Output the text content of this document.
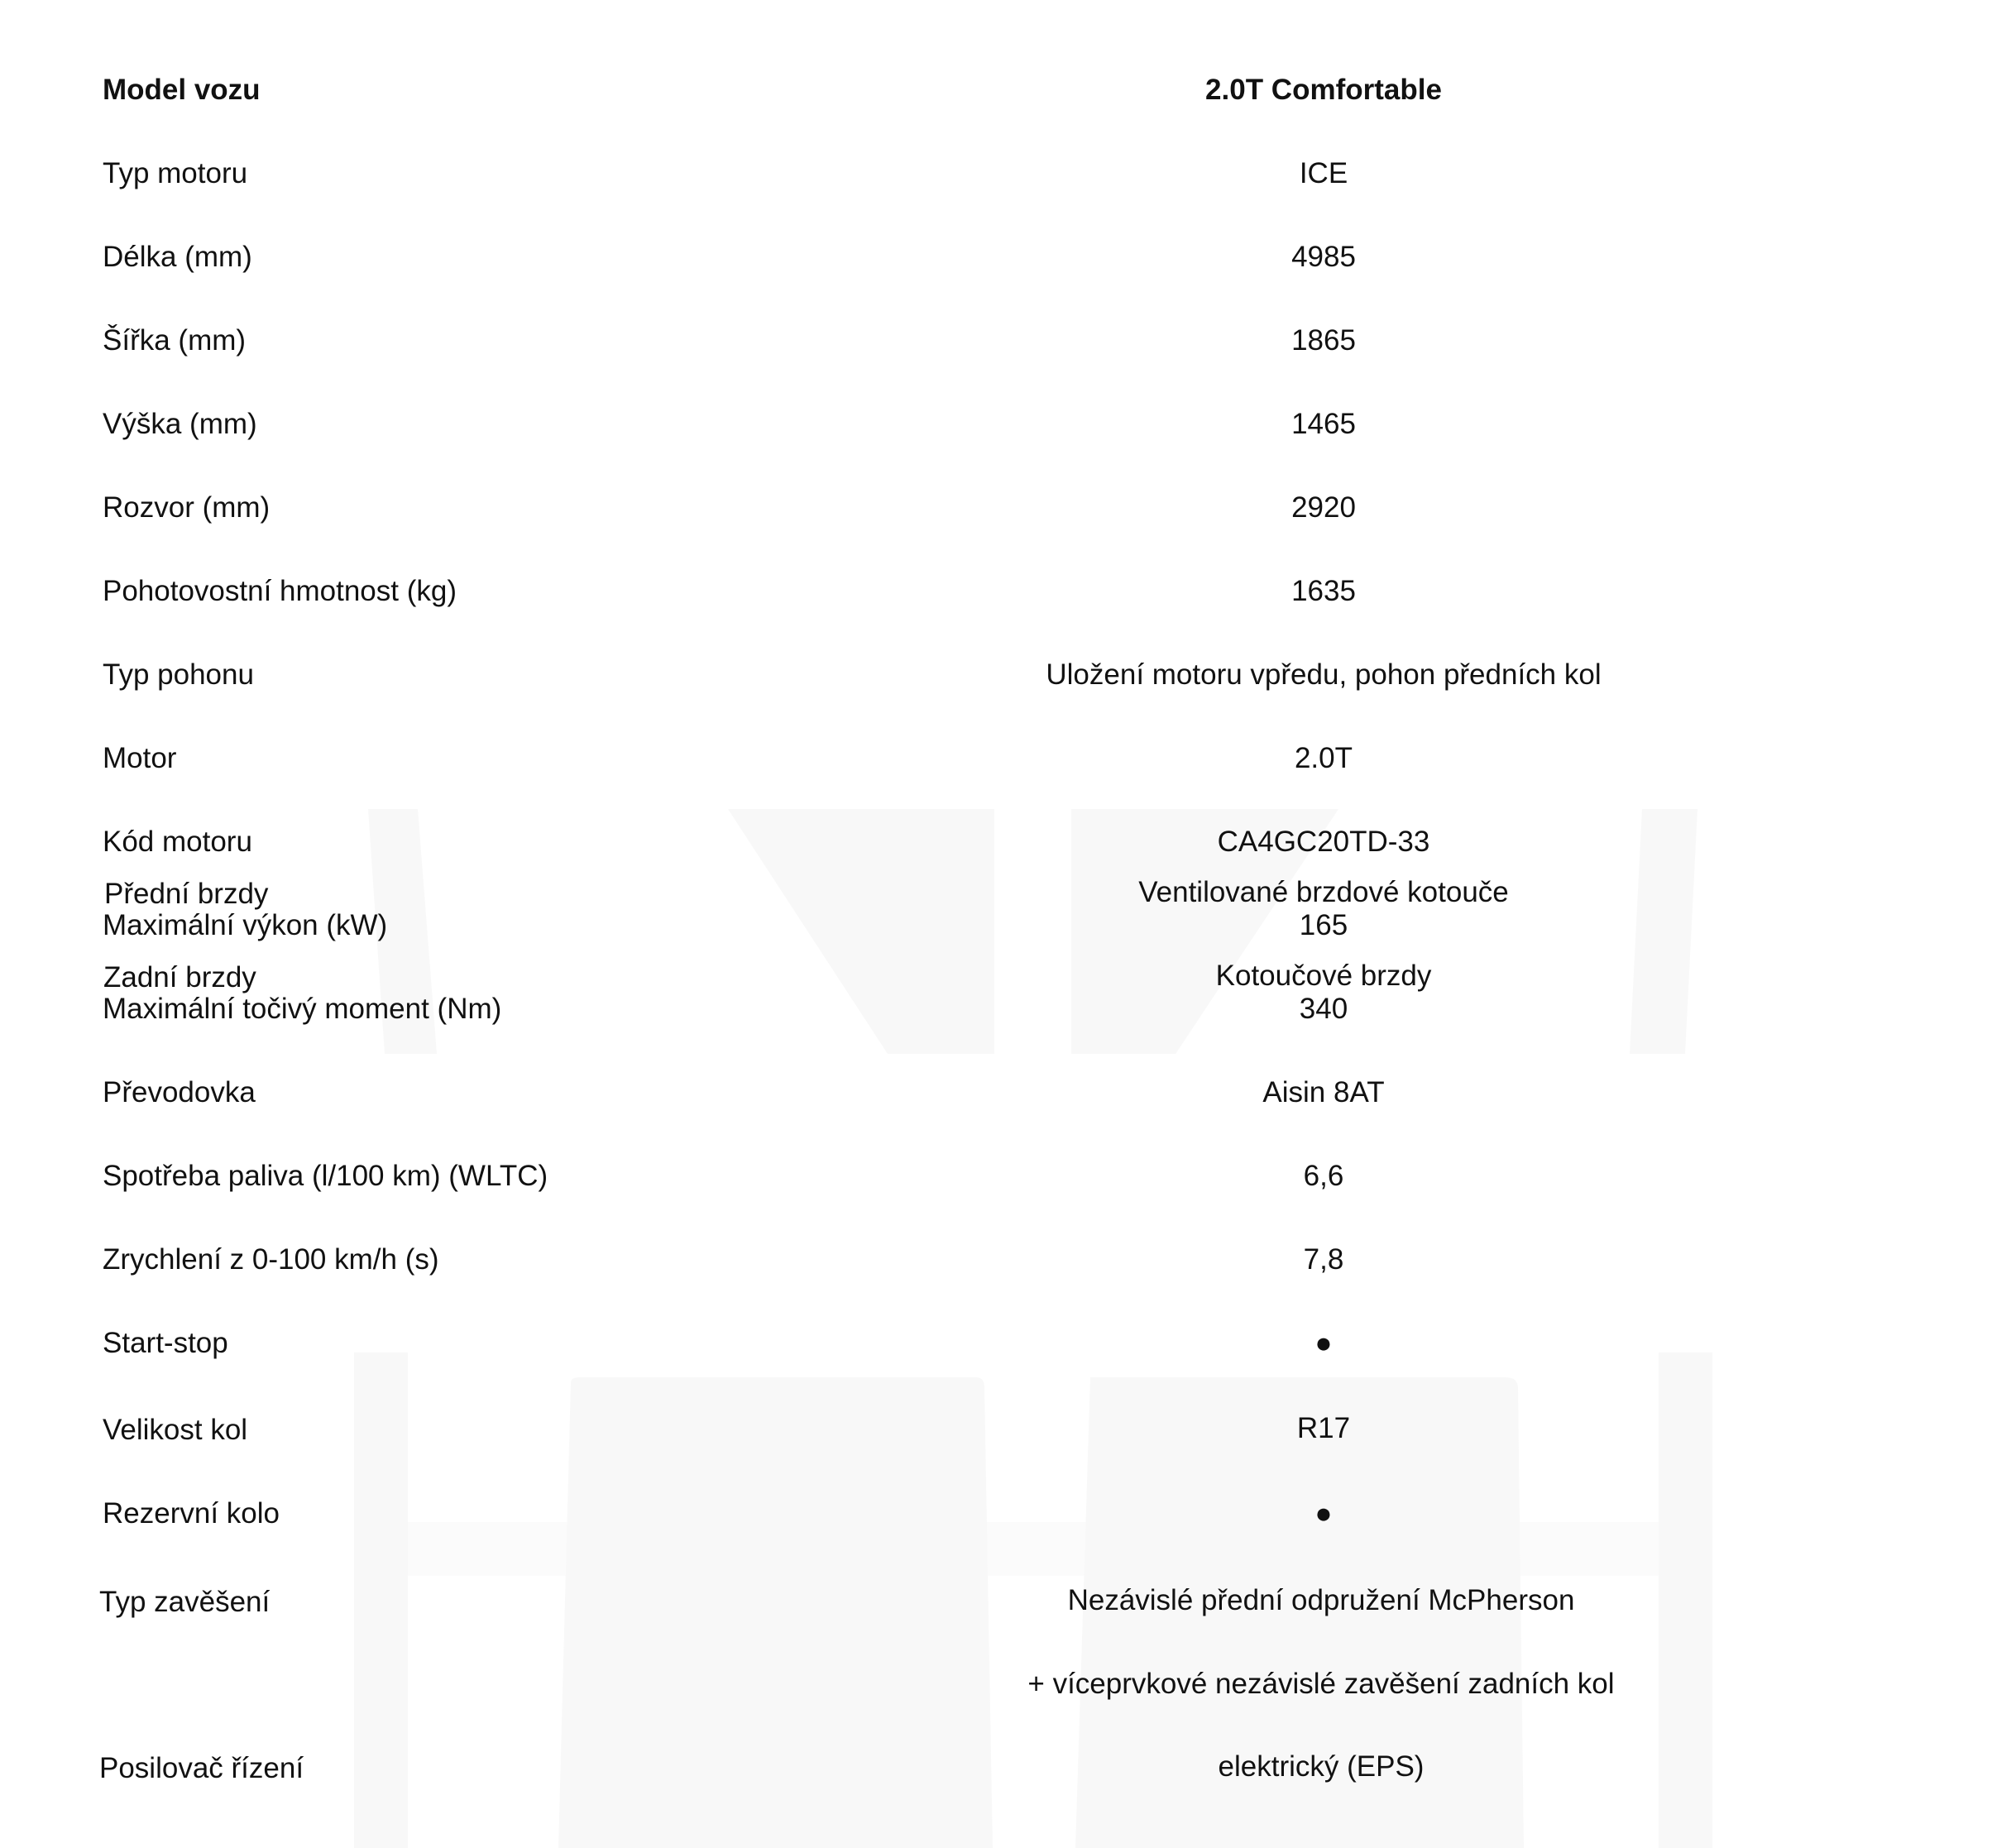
Model vozu	2.0T Comfortable
Typ motoru	ICE
Délka (mm)	4985
Šířka (mm)	1865
Výška (mm)	1465
Rozvor (mm)	2920
Pohotovostní hmotnost (kg)	1635
Typ pohonu	Uložení motoru vpředu, pohon předních kol
Motor	2.0T
Kód motoru	CA4GC20TD-33
Přední brzdy	Ventilované brzdové kotouče
Maximální výkon (kW)	165
Zadní brzdy	Kotoučové brzdy
Maximální točivý moment (Nm)	340
Převodovka	Aisin 8AT
Spotřeba paliva (l/100 km) (WLTC)	6,6
Zrychlení z 0-100 km/h (s)	7,8
Start-stop	●
Velikost kol	R17
Rezervní kolo	●
Typ zavěšení	Nezávislé přední odpružení McPherson
+ víceprvkové nezávislé zavěšení zadních kol
Posilovač řízení	elektrický (EPS)
